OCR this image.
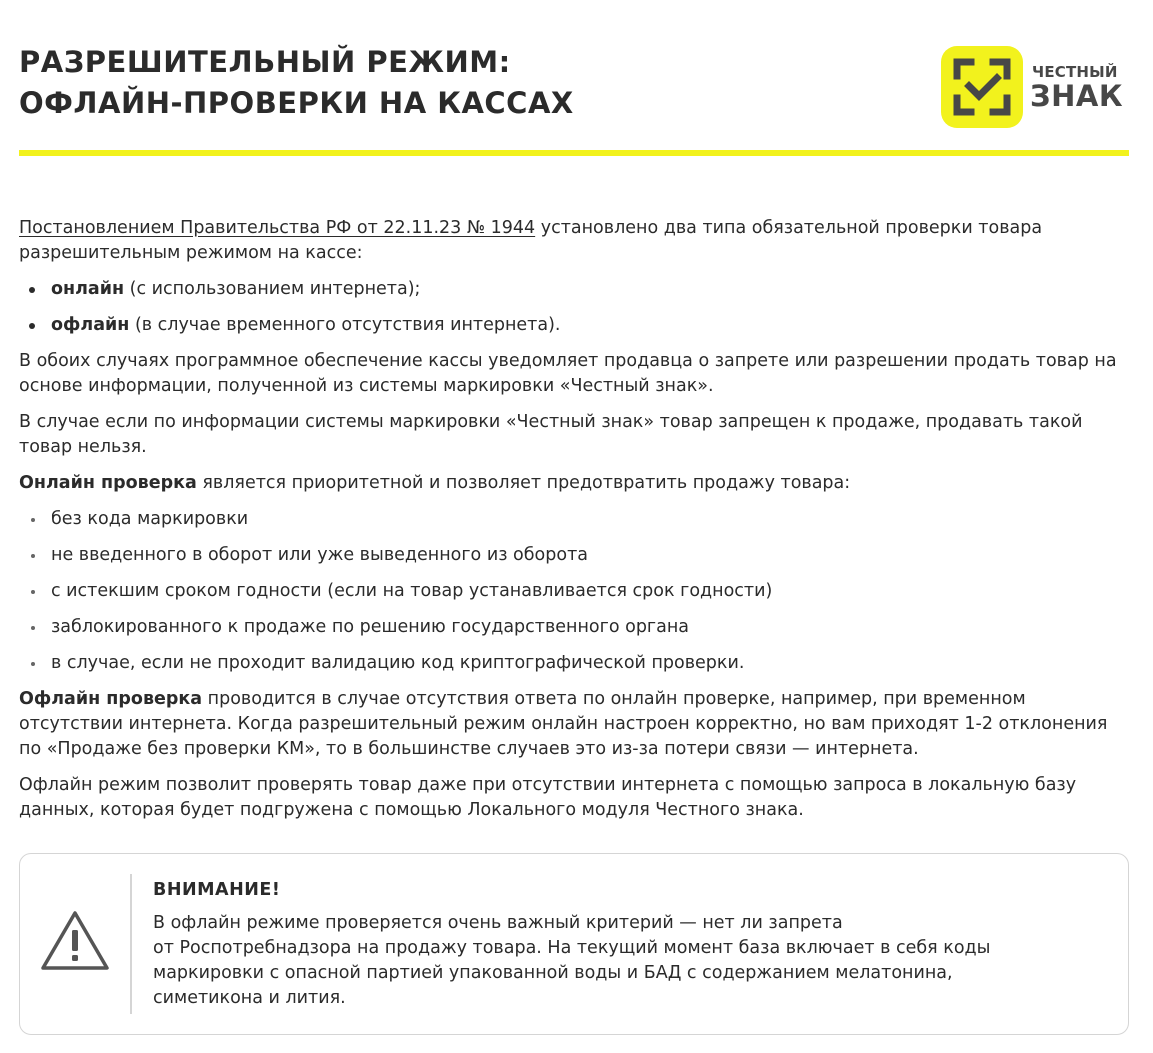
РАЗРЕШИТЕЛЬНЫЙ РЕЖИМ:
ОФЛАЙН-ПРОВЕРКИ НА КАССАХ
ЧЕСТНЫЙ
ЗНАК

Постановлением Правительства РФ от 22.11.23 № 1944 установлено два типа обязательной проверки товара разрешительным режимом на кассе:

онлайн (с использованием интернета);
офлайн (в случае временного отсутствия интернета).

В обоих случаях программное обеспечение кассы уведомляет продавца о запрете или разрешении продать товар на основе информации, полученной из системы маркировки «Честный знак».

В случае если по информации системы маркировки «Честный знак» товар запрещен к продаже, продавать такой товар нельзя.

Онлайн проверка является приоритетной и позволяет предотвратить продажу товара:

без кода маркировки
не введенного в оборот или уже выведенного из оборота
с истекшим сроком годности (если на товар устанавливается срок годности)
заблокированного к продаже по решению государственного органа
в случае, если не проходит валидацию код криптографической проверки.

Офлайн проверка проводится в случае отсутствия ответа по онлайн проверке, например, при временном отсутствии интернета. Когда разрешительный режим онлайн настроен корректно, но вам приходят 1-2 отклонения по «Продаже без проверки КМ», то в большинстве случаев это из-за потери связи — интернета.

Офлайн режим позволит проверять товар даже при отсутствии интернета с помощью запроса в локальную базу данных, которая будет подгружена с помощью Локального модуля Честного знака.

ВНИМАНИЕ!
В офлайн режиме проверяется очень важный критерий — нет ли запрета
от Роспотребнадзора на продажу товара. На текущий момент база включает в себя коды
маркировки с опасной партией упакованной воды и БАД с содержанием мелатонина,
симетикона и лития.
